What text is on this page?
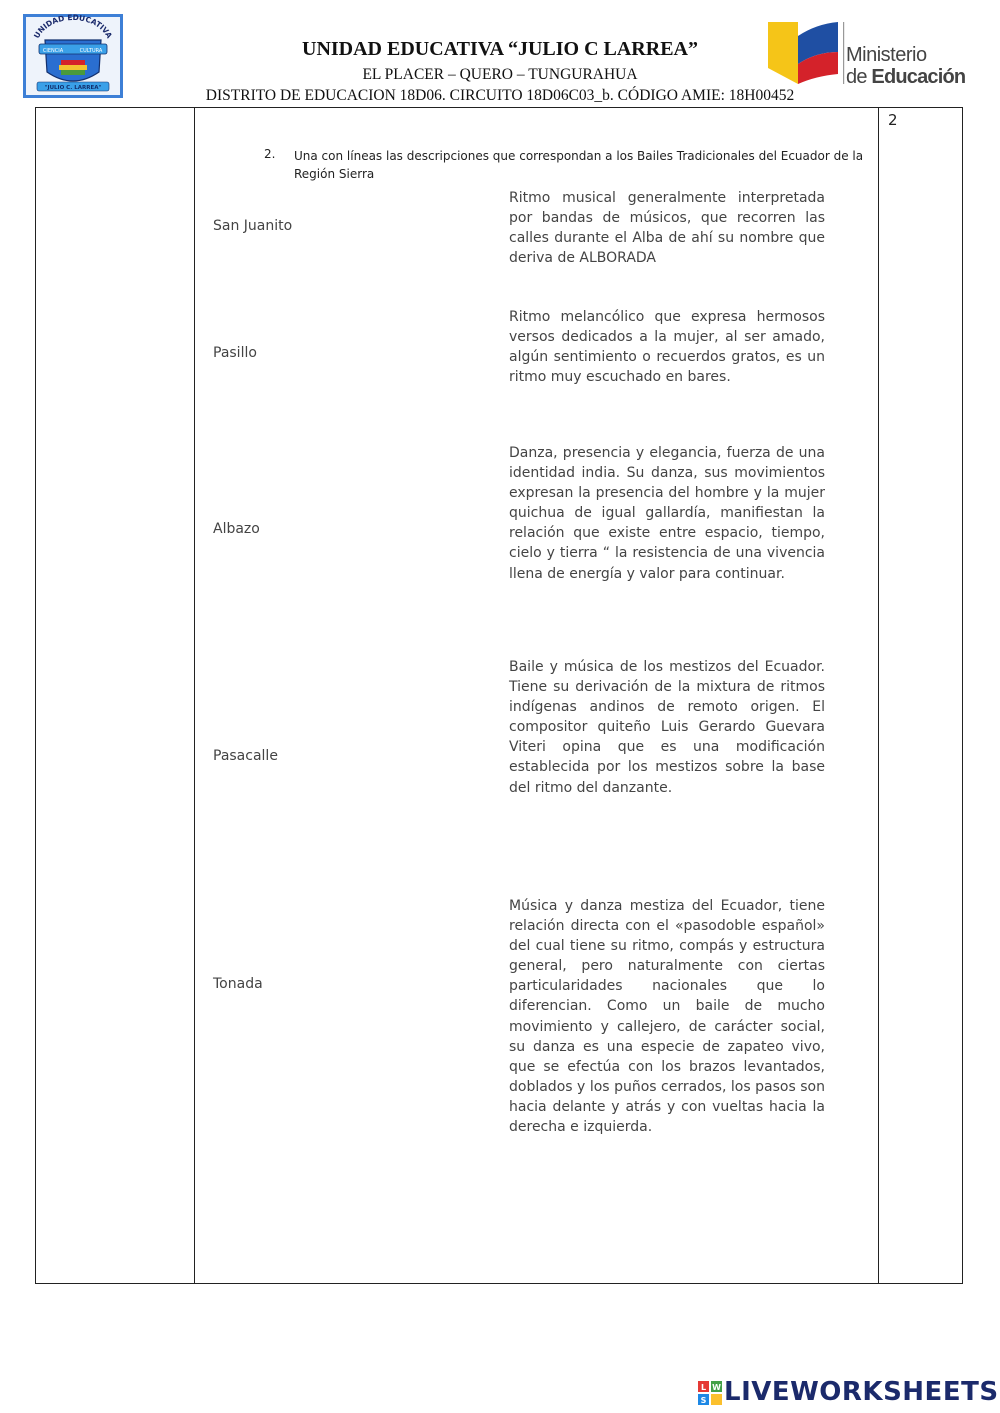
UNIDAD EDUCATIVA
CIENCIA	CULTURA
"JULIO C. LARREA"
UNIDAD EDUCATIVA “JULIO C LARREA”
EL PLACER – QUERO – TUNGURAHUA
DISTRITO DE EDUCACION 18D06. CIRCUITO 18D06C03_b. CÓDIGO AMIE: 18H00452
Ministerio
de Educación
2
2. Una con líneas las descripciones que correspondan a los Bailes Tradicionales del Ecuador de la Región Sierra
San Juanito
Pasillo
Albazo
Pasacalle
Tonada
Ritmo musical generalmente interpretada por bandas de músicos, que recorren las calles durante el Alba de ahí su nombre que deriva de ALBORADA
Ritmo melancólico que expresa hermosos versos dedicados a la mujer, al ser amado, algún sentimiento o recuerdos gratos, es un ritmo muy escuchado en bares.
Danza, presencia y elegancia, fuerza de una identidad india. Su danza, sus movimientos expresan la presencia del hombre y la mujer quichua de igual gallardía, manifiestan la relación que existe entre espacio, tiempo, cielo y tierra “ la resistencia de una vivencia llena de energía y valor para continuar.
Baile y música de los mestizos del Ecuador. Tiene su derivación de la mixtura de ritmos indígenas andinos de remoto origen. El compositor quiteño Luis Gerardo Guevara Viteri opina que es una modificación establecida por los mestizos sobre la base del ritmo del danzante.
Música y danza mestiza del Ecuador, tiene relación directa con el «pasodoble español» del cual tiene su ritmo, compás y estructura general, pero naturalmente con ciertas particularidades nacionales que lo diferencian. Como un baile de mucho movimiento y callejero, de carácter social, su danza es una especie de zapateo vivo, que se efectúa con los brazos levantados, doblados y los puños cerrados, los pasos son hacia delante y atrás y con vueltas hacia la derecha e izquierda.
L W
S LIVEWORKSHEETS
